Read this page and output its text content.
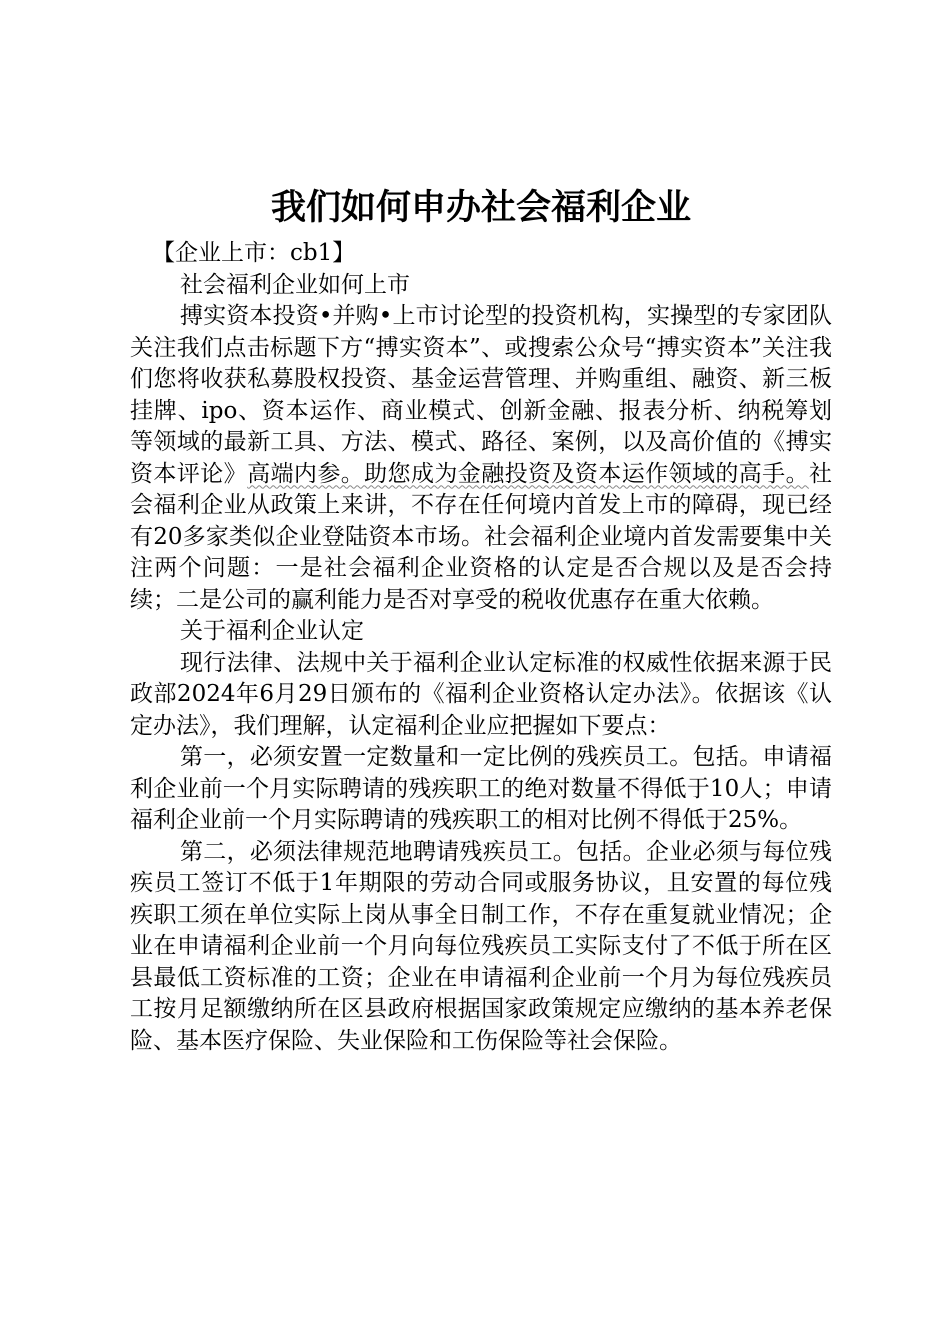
我们如何申办社会福利企业

【企业上市：cb1】

社会福利企业如何上市

搏实资本投资•并购•上市讨论型的投资机构，实操型的专家团队关注我们点击标题下方“搏实资本”、或搜索公众号“搏实资本”关注我们您将收获私募股权投资、基金运营管理、并购重组、融资、新三板挂牌、ipo、资本运作、商业模式、创新金融、报表分析、纳税筹划等领域的最新工具、方法、模式、路径、案例，以及高价值的《搏实资本评论》高端内参。助您成为金融投资及资本运作领域的高手。社会福利企业从政策上来讲，不存在任何境内首发上市的障碍，现已经有20多家类似企业登陆资本市场。社会福利企业境内首发需要集中关注两个问题：一是社会福利企业资格的认定是否合规以及是否会持续；二是公司的赢利能力是否对享受的税收优惠存在重大依赖。

关于福利企业认定

现行法律、法规中关于福利企业认定标准的权威性依据来源于民政部2024年6月29日颁布的《福利企业资格认定办法》。依据该《认定办法》，我们理解，认定福利企业应把握如下要点：

第一，必须安置一定数量和一定比例的残疾员工。包括。申请福利企业前一个月实际聘请的残疾职工的绝对数量不得低于10人；申请福利企业前一个月实际聘请的残疾职工的相对比例不得低于25%。

第二，必须法律规范地聘请残疾员工。包括。企业必须与每位残疾员工签订不低于1年期限的劳动合同或服务协议，且安置的每位残疾职工须在单位实际上岗从事全日制工作，不存在重复就业情况；企业在申请福利企业前一个月向每位残疾员工实际支付了不低于所在区县最低工资标准的工资；企业在申请福利企业前一个月为每位残疾员工按月足额缴纳所在区县政府根据国家政策规定应缴纳的基本养老保险、基本医疗保险、失业保险和工伤保险等社会保险。
